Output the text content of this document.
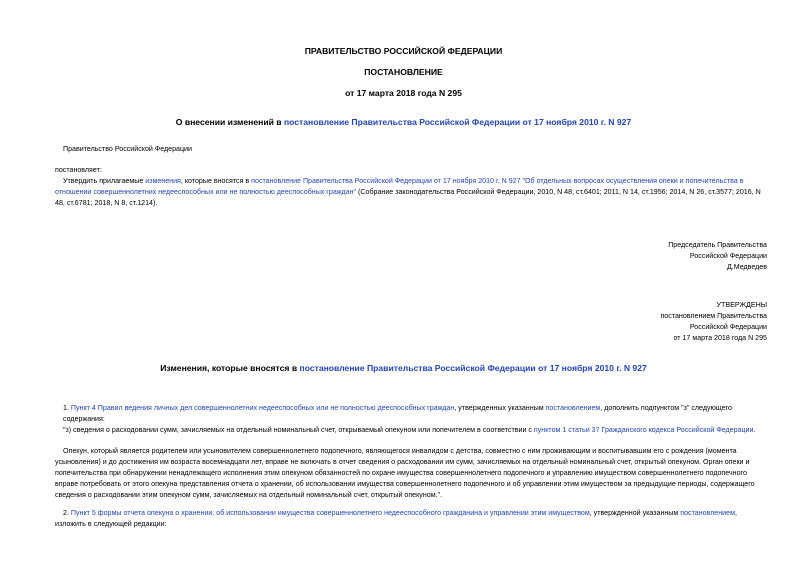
ПРАВИТЕЛЬСТВО РОССИЙСКОЙ ФЕДЕРАЦИИ
ПОСТАНОВЛЕНИЕ
от 17 марта 2018 года N 295
О внесении изменений в постановление Правительства Российской Федерации от 17 ноября 2010 г. N 927
Правительство Российской Федерации
постановляет:
Утвердить прилагаемые изменения, которые вносятся в постановление Правительства Российской Федерации от 17 ноября 2010 г. N 927 "Об отдельных вопросах осуществления опеки и попечительства в отношении совершеннолетних недееспособных или не полностью дееспособных граждан" (Собрание законодательства Российской Федерации, 2010, N 48, ст.6401; 2011, N 14, ст.1956; 2014, N 26, ст.3577; 2016, N 48, ст.6781; 2018, N 8, ст.1214).
Председатель Правительства
Российской Федерации
Д.Медведев
УТВЕРЖДЕНЫ
постановлением Правительства
Российской Федерации
от 17 марта 2018 года N 295
Изменения, которые вносятся в постановление Правительства Российской Федерации от 17 ноября 2010 г. N 927
1. Пункт 4 Правил ведения личных дел совершеннолетних недееспособных или не полностью дееспособных граждан, утвержденных указанным постановлением, дополнить подпунктом "з" следующего содержания:
"з) сведения о расходовании сумм, зачисляемых на отдельный номинальный счет, открываемый опекуном или попечителем в соответствии с пунктом 1 статьи 37 Гражданского кодекса Российской Федерации.
Опекун, который является родителем или усыновителем совершеннолетнего подопечного, являющегося инвалидом с детства, совместно с ним проживающим и воспитывавшим его с рождения (момента усыновления) и до достижения им возраста восемнадцати лет, вправе не включать в отчет сведения о расходовании им сумм, зачисляемых на отдельный номинальный счет, открытый опекуном. Орган опеки и попечительства при обнаружении ненадлежащего исполнения этим опекуном обязанностей по охране имущества совершеннолетнего подопечного и управлению имуществом совершеннолетнего подопечного вправе потребовать от этого опекуна представления отчета о хранении, об использовании имущества совершеннолетнего подопечного и об управлении этим имуществом за предыдущие периоды, содержащего сведения о расходовании этим опекуном сумм, зачисляемых на отдельный номинальный счет, открытый опекуном.".
2. Пункт 5 формы отчета опекуна о хранении, об использовании имущества совершеннолетнего недееспособного гражданина и управлении этим имуществом, утвержденной указанным постановлением, изложить в следующей редакции:
